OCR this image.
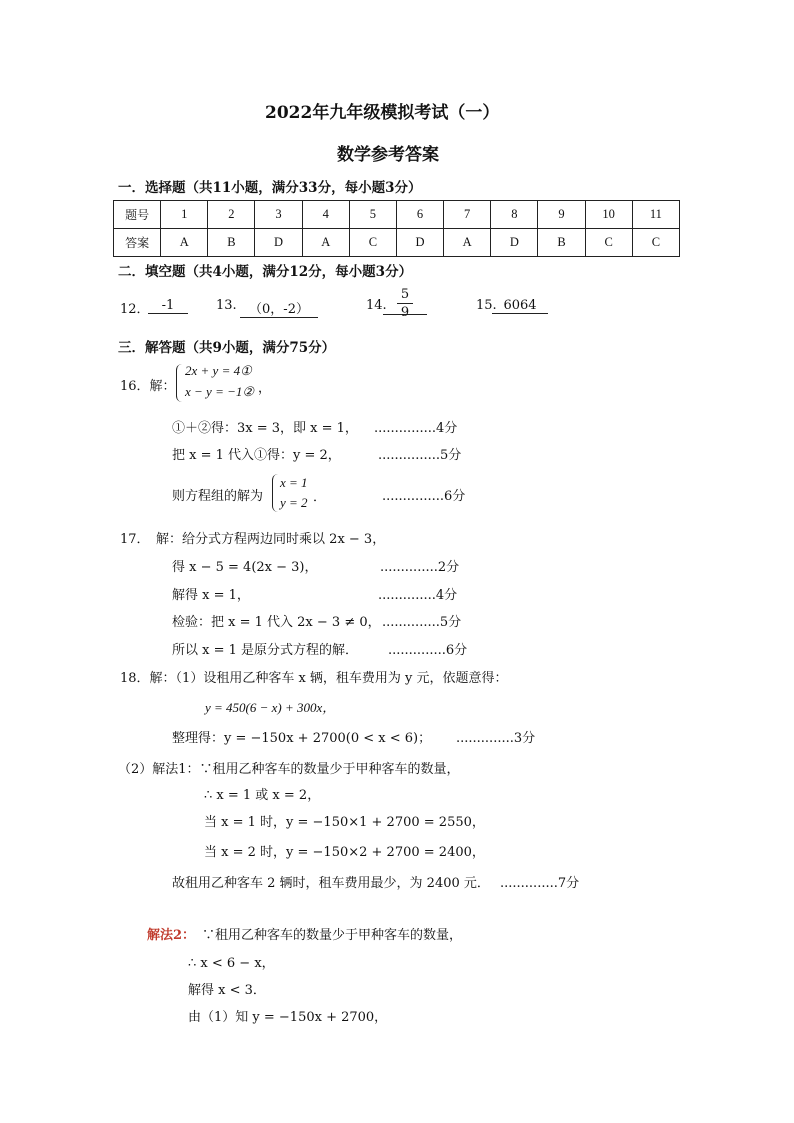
2022年九年级模拟考试（一）
数学参考答案
一．选择题（共11小题，满分33分，每小题3分）
题号	1	2	3	4	5	6	7	8	9	10	11
答案	A	B	D	A	C	D	A	D	B	C	C
二．填空题（共4小题，满分12分，每小题3分）
12． -1	13. （0，-2）	14.
5
9	15. 6064
三．解答题（共9小题，满分75分）
16．解：
2x + y = 4①
x − y = −1② ，
①＋②得：3x = 3，即 x = 1， ...............4分
把 x = 1 代入①得：y = 2，	...............5分
则方程组的解为
x = 1
y = 2 ．	...............6分
17．　解：给分式方程两边同时乘以 2x − 3，
得 x − 5 = 4(2x − 3)，	..............2分
解得 x = 1，	..............4分
检验：把 x = 1 代入 2x − 3 ≠ 0， ..............5分
所以 x = 1 是原分式方程的解． ..............6分
18．解：（1）设租用乙种客车 x 辆，租车费用为 y 元，依题意得：
y = 450(6 − x) + 300x，
整理得：y = −150x + 2700(0 < x < 6)； ..............3分
（2）解法1：∵租用乙种客车的数量少于甲种客车的数量，
∴ x = 1 或 x = 2，
当 x = 1 时，y = −150×1 + 2700 = 2550，
当 x = 2 时，y = −150×2 + 2700 = 2400，
故租用乙种客车 2 辆时，租车费用最少，为 2400 元． ..............7分
解法2： ∵租用乙种客车的数量少于甲种客车的数量，
∴ x < 6 − x，
解得 x < 3．
由（1）知 y = −150x + 2700，
